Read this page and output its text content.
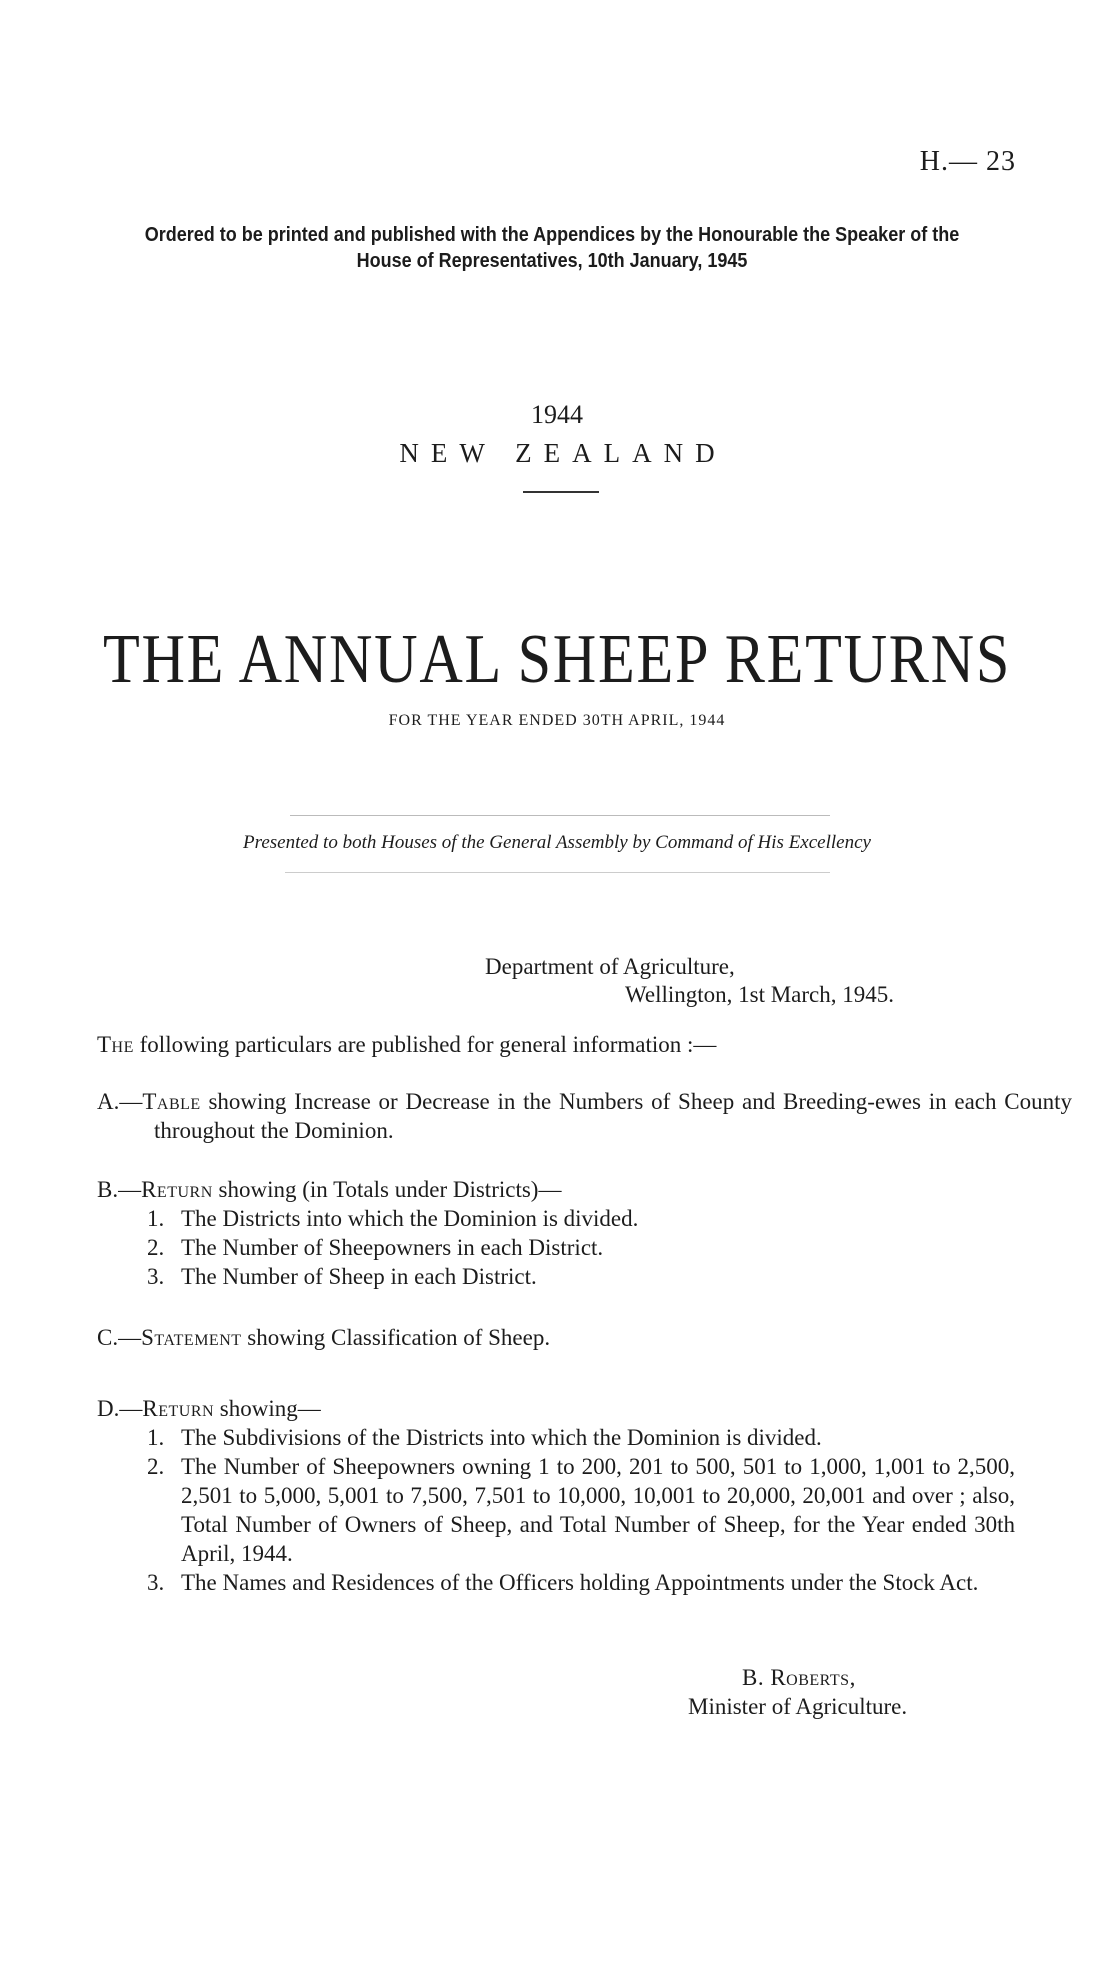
H.— 23
Ordered to be printed and published with the Appendices by the Honourable the Speaker of the
House of Representatives, 10th January, 1945
1944
NEW ZEALAND
THE ANNUAL SHEEP RETURNS
FOR THE YEAR ENDED 30TH APRIL, 1944
Presented to both Houses of the General Assembly by Command of His Excellency
Department of Agriculture,
Wellington, 1st March, 1945.
The following particulars are published for general information :—
A.—Table showing Increase or Decrease in the Numbers of Sheep and Breeding-ewes in each County throughout the Dominion.
B.—Return showing (in Totals under Districts)—
1. The Districts into which the Dominion is divided.
2. The Number of Sheepowners in each District.
3. The Number of Sheep in each District.
C.—Statement showing Classification of Sheep.
D.—Return showing—
1. The Subdivisions of the Districts into which the Dominion is divided.
2. The Number of Sheepowners owning 1 to 200, 201 to 500, 501 to 1,000, 1,001 to 2,500, 2,501 to 5,000, 5,001 to 7,500, 7,501 to 10,000, 10,001 to 20,000, 20,001 and over ; also, Total Number of Owners of Sheep, and Total Number of Sheep, for the Year ended 30th April, 1944.
3. The Names and Residences of the Officers holding Appointments under the Stock Act.
B. Roberts,
Minister of Agriculture.
